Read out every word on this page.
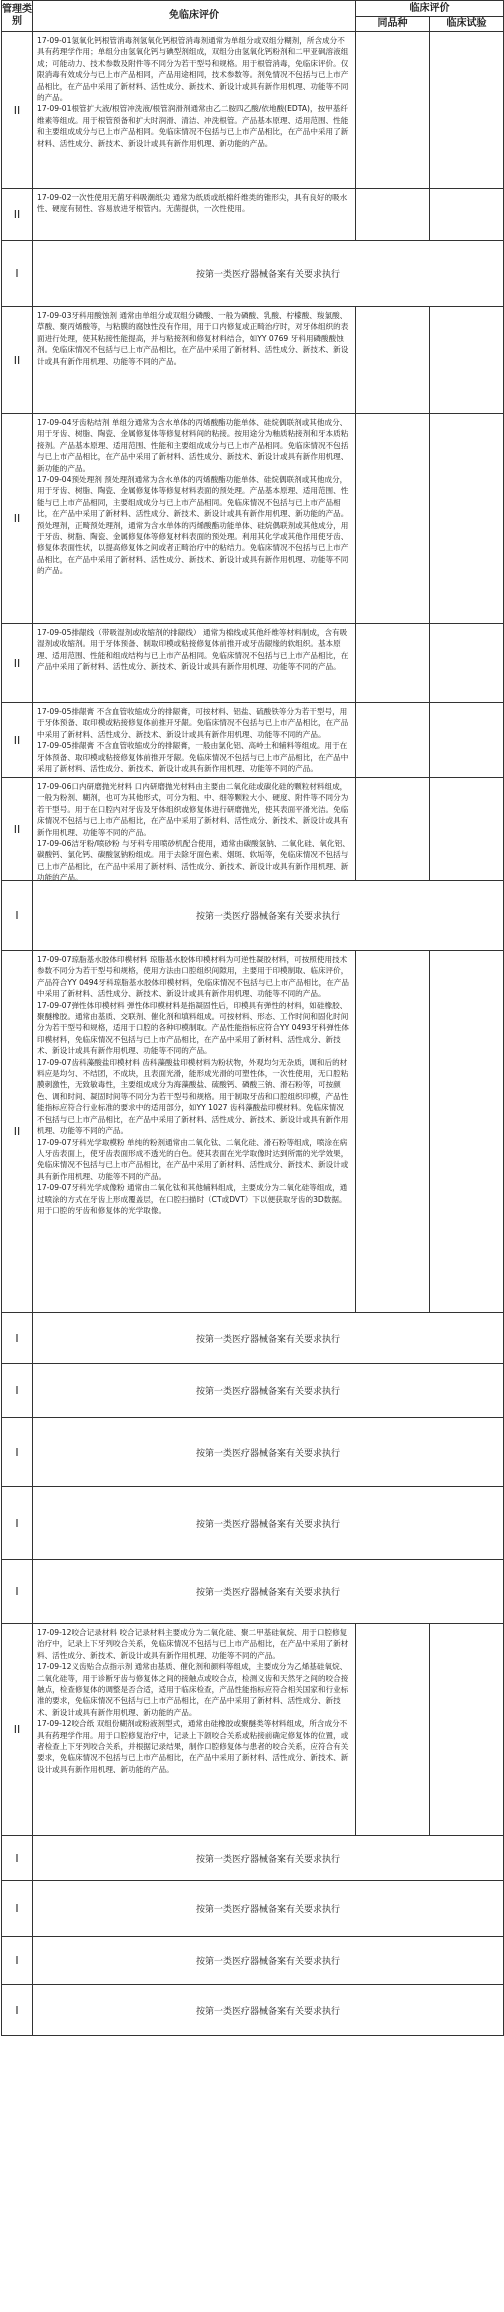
管理类别	免临床评价	临床评价	
		同品种	临床试验
II	17-09-01氢氧化钙根管消毒剂氢氧化钙根管消毒剂通常为单组分或双组分糊剂，所含成分不具有药理学作用；单组分由氢氧化钙与碘型剂组成，双组分由氢氧化钙粉剂和二甲亚砜溶液组成；可能动力、技术参数及附件等不同分为若干型号和规格。用于根管消毒，免临床评价。仅限消毒有效成分与已上市产品相同，产品用途相同，技术参数等。剂免情况不包括与已上市产品相比，在产品中采用了新材料、活性成分、新技术、新设计或具有新作用机理、功能等不同的产品。

17-09-01根管扩大液/根管冲洗液/根管润滑剂通常由乙二胺四乙酸/依地酸(EDTA)，按甲基纤维素等组成。用于根管预备和扩大时润滑、清洁、冲洗根管。产品基本原理、适用范围、性能和主要组成成分与已上市产品相同。免临床情况不包括与已上市产品相比，在产品中采用了新材料、活性成分、新技术、新设计或具有新作用机理、新功能的产品。		

II	17-09-02一次性使用无菌牙科吸潮纸尖 通常为纸质或纸棉纤维类的锥形尖，具有良好的吸水性、硬度有韧性、容易放进牙根管内。无菌提供，一次性使用。		

I	按第一类医疗器械备案有关要求执行		
II	17-09-03牙科用酸蚀剂 通常由单组分或双组分磷酸、一般为磷酸、乳酸、柠檬酸、羧氯酸、草酸、聚丙烯酸等，与粘膜的腐蚀性没有作用，用于口内修复或正畸治疗时，对牙体组织的表面进行处理，使其粘接性能提高，并与粘接剂和修复材料结合，如YY 0769 牙科用磷酸酸蚀剂。免临床情况不包括与已上市产品相比，在产品中采用了新材料、活性成分、新技术、新设计或具有新作用机理、功能等不同的产品。		

II	17-09-04牙齿粘结剂 单组分通常为含水单体的丙烯酸酯功能单体、硅烷偶联剂或其他成分、用于牙齿、树脂、陶瓷、金属修复体等修复材料间的粘接。按用途分为釉质粘接剂和牙本质粘接剂。产品基本原理、适用范围、性能和主要组成成分与已上市产品相同。免临床情况不包括与已上市产品相比，在产品中采用了新材料、活性成分、新技术、新设计或具有新作用机理、新功能的产品。

17-09-04预处理剂 预处理剂通常为含水单体的丙烯酸酯功能单体、硅烷偶联剂或其他成分，用于牙齿、树脂、陶瓷、金属修复体等修复材料表面的预处理。产品基本原理、适用范围、性能与已上市产品相同，主要组成成分与已上市产品相同。免临床情况不包括与已上市产品相比，在产品中采用了新材料、活性成分、新技术、新设计或具有新作用机理、新功能的产品。预处理剂，正畸预处理剂，通常为含水单体的丙烯酸酯功能单体、硅烷偶联剂或其他成分，用于牙齿、树脂、陶瓷、金属修复体等修复材料表面的预处理。利用其化学或其他作用使牙齿、修复体表面性状，以提高修复体之间或者正畸治疗中的粘结力。免临床情况不包括与已上市产品相比，在产品中采用了新材料、活性成分、新技术、新设计或具有新作用机理、功能等不同的产品。		

II	17-09-05排龈线（带吸湿剂或收缩剂的排龈线） 通常为棉线或其他纤维等材料制成，含有吸湿剂或收缩剂。用于牙体预备、制取印模或粘接修复体前推开或牙齿龈缘的软组织。基本原理、适用范围、性能和组成结构与已上市产品相同。免临床情况不包括与已上市产品相比，在产品中采用了新材料、活性成分、新技术、新设计或具有新作用机理、功能等不同的产品。		

II	17-09-05排龈膏 不含血管收缩成分的排龈膏，可按材料、铝盐、硫酸铁等分为若干型号，用于牙体预备、取印模或粘接修复体前推开牙龈。免临床情况不包括与已上市产品相比，在产品中采用了新材料、活性成分、新技术、新设计或具有新作用机理、功能等不同的产品。

17-09-05排龈膏 不含血管收缩成分的排龈膏，一般由氯化铝、高岭土和辅料等组成。用于在牙体预备、取印模或粘接修复体前推开牙龈。免临床情况不包括与已上市产品相比，在产品中采用了新材料、活性成分、新技术、新设计或具有新作用机理、功能等不同的产品。		

II	17-09-06口内研磨抛光材料 口内研磨抛光材料由主要由二氧化硅或碳化硅的颗粒材料组成，一般为粉剂、糊剂，也可为其他形式，可分为粗、中、细等颗粒大小、硬度、附件等不同分为若干型号。用于在口腔内对牙齿及牙体组织或修复体进行研磨抛光，使其表面平滑光洁。免临床情况不包括与已上市产品相比，在产品中采用了新材料、活性成分、新技术、新设计或具有新作用机理、功能等不同的产品。

17-09-06洁牙粉/喷砂粉 与牙科专用喷砂机配合使用，通常由碳酸氢钠、二氧化硅、氧化铝、碳酸钙、氯化钙、碳酸氢钠粉组成。用于去除牙面色素、烟斑、软垢等，免临床情况不包括与已上市产品相比，在产品中采用了新材料、活性成分、新技术、新设计或具有新作用机理、新功能的产品。		

I	按第一类医疗器械备案有关要求执行		
II	17-09-07琼脂基水胶体印模材料 琼脂基水胶体印模材料为可逆性凝胶材料，可按照使用技术参数不同分为若干型号和规格，使用方法由口腔组织间隙用，主要用于印模制取、临床评价，产品符合YY 0494牙科琼脂基水胶体印模材料，免临床情况不包括与已上市产品相比，在产品中采用了新材料、活性成分、新技术、新设计或具有新作用机理、功能等不同的产品。

17-09-07弹性体印模材料 弹性体印模材料是指凝固性后，印模具有弹性的材料，如硅橡胶、聚醚橡胶。通常由基质、交联剂、催化剂和填料组成。可按材料、形态、工作时间和固化时间分为若干型号和规格，适用于口腔的各种印模制取。产品性能指标应符合YY 0493牙科弹性体印模材料，免临床情况不包括与已上市产品相比，在产品中采用了新材料、活性成分、新技术、新设计或具有新作用机理、功能等不同的产品。

17-09-07齿科藻酸盐印模材料 齿科藻酸盐印模材料为粉状物，外观均匀无杂质，调和后的材料应是均匀、不结团，不成块，且表面光滑，能形成光滑的可塑性体，一次性使用，无口腔粘膜刺激性，无致敏毒性，主要组成成分为海藻酸盐、硫酸钙、磷酸三钠、滑石粉等，可按颜色、调和时间、凝固时间等不同分为若干型号和规格。用于制取牙齿和口腔组织印模，产品性能指标应符合行业标准的要求中的适用部分，如YY 1027 齿科藻酸盐印模材料。免临床情况不包括与已上市产品相比，在产品中采用了新材料、活性成分、新技术、新设计或具有新作用机理、功能等不同的产品。

17-09-07牙科光学取模粉 单纯的粉剂通常由二氧化钛、二氧化硅、滑石粉等组成，喷涂在病人牙齿表面上，使牙齿表面形成不透光的白色。使其表面在光学取像时达到所需的光学效果，免临床情况不包括与已上市产品相比，在产品中采用了新材料、活性成分、新技术、新设计或具有新作用机理、功能等不同的产品。

17-09-07牙科光学成像粉 通常由二氧化钛和其他辅料组成，主要成分为二氧化硅等组成，通过喷涂的方式在牙齿上形成覆盖层，在口腔扫描时（CT或DVT）下以便获取牙齿的3D数据。用于口腔的牙齿和修复体的光学取像。		

I	按第一类医疗器械备案有关要求执行		
I	按第一类医疗器械备案有关要求执行		
I	按第一类医疗器械备案有关要求执行		
I	按第一类医疗器械备案有关要求执行		
I	按第一类医疗器械备案有关要求执行		
II	17-09-12咬合记录材料 咬合记录材料主要成分为二氧化硅、聚二甲基硅氧烷、用于口腔修复治疗中，记录上下牙列咬合关系，免临床情况不包括与已上市产品相比，在产品中采用了新材料、活性成分、新技术、新设计或具有新作用机理、功能等不同的产品。

17-09-12义齿贴合点指示剂 通常由基质、催化剂和颜料等组成，主要成分为乙烯基硅氧烷、二氧化硅等，用于诊断牙齿与修复体之间的接触点或咬合点，检测义齿和天然牙之间的咬合接触点，检查修复体的调整是否合适，适用于临床检查，产品性能指标应符合相关国家和行业标准的要求，免临床情况不包括与已上市产品相比，在产品中采用了新材料、活性成分、新技术、新设计或具有新作用机理、新功能的产品。

17-09-12咬合纸 双组份糊剂或粉液剂型式，通常由硅橡胶或聚醚类等材料组成，所含成分不具有药理学作用。用于口腔修复治疗中，记录上下颌咬合关系或粘接前确定修复体的位置，或者检查上下牙列咬合关系，并根据记录结果，制作口腔修复体与患者的咬合关系，应符合有关要求，免临床情况不包括与已上市产品相比，在产品中采用了新材料、活性成分、新技术、新设计或具有新作用机理、新功能的产品。		

I	按第一类医疗器械备案有关要求执行		
I	按第一类医疗器械备案有关要求执行		
I	按第一类医疗器械备案有关要求执行		
I	按第一类医疗器械备案有关要求执行		
